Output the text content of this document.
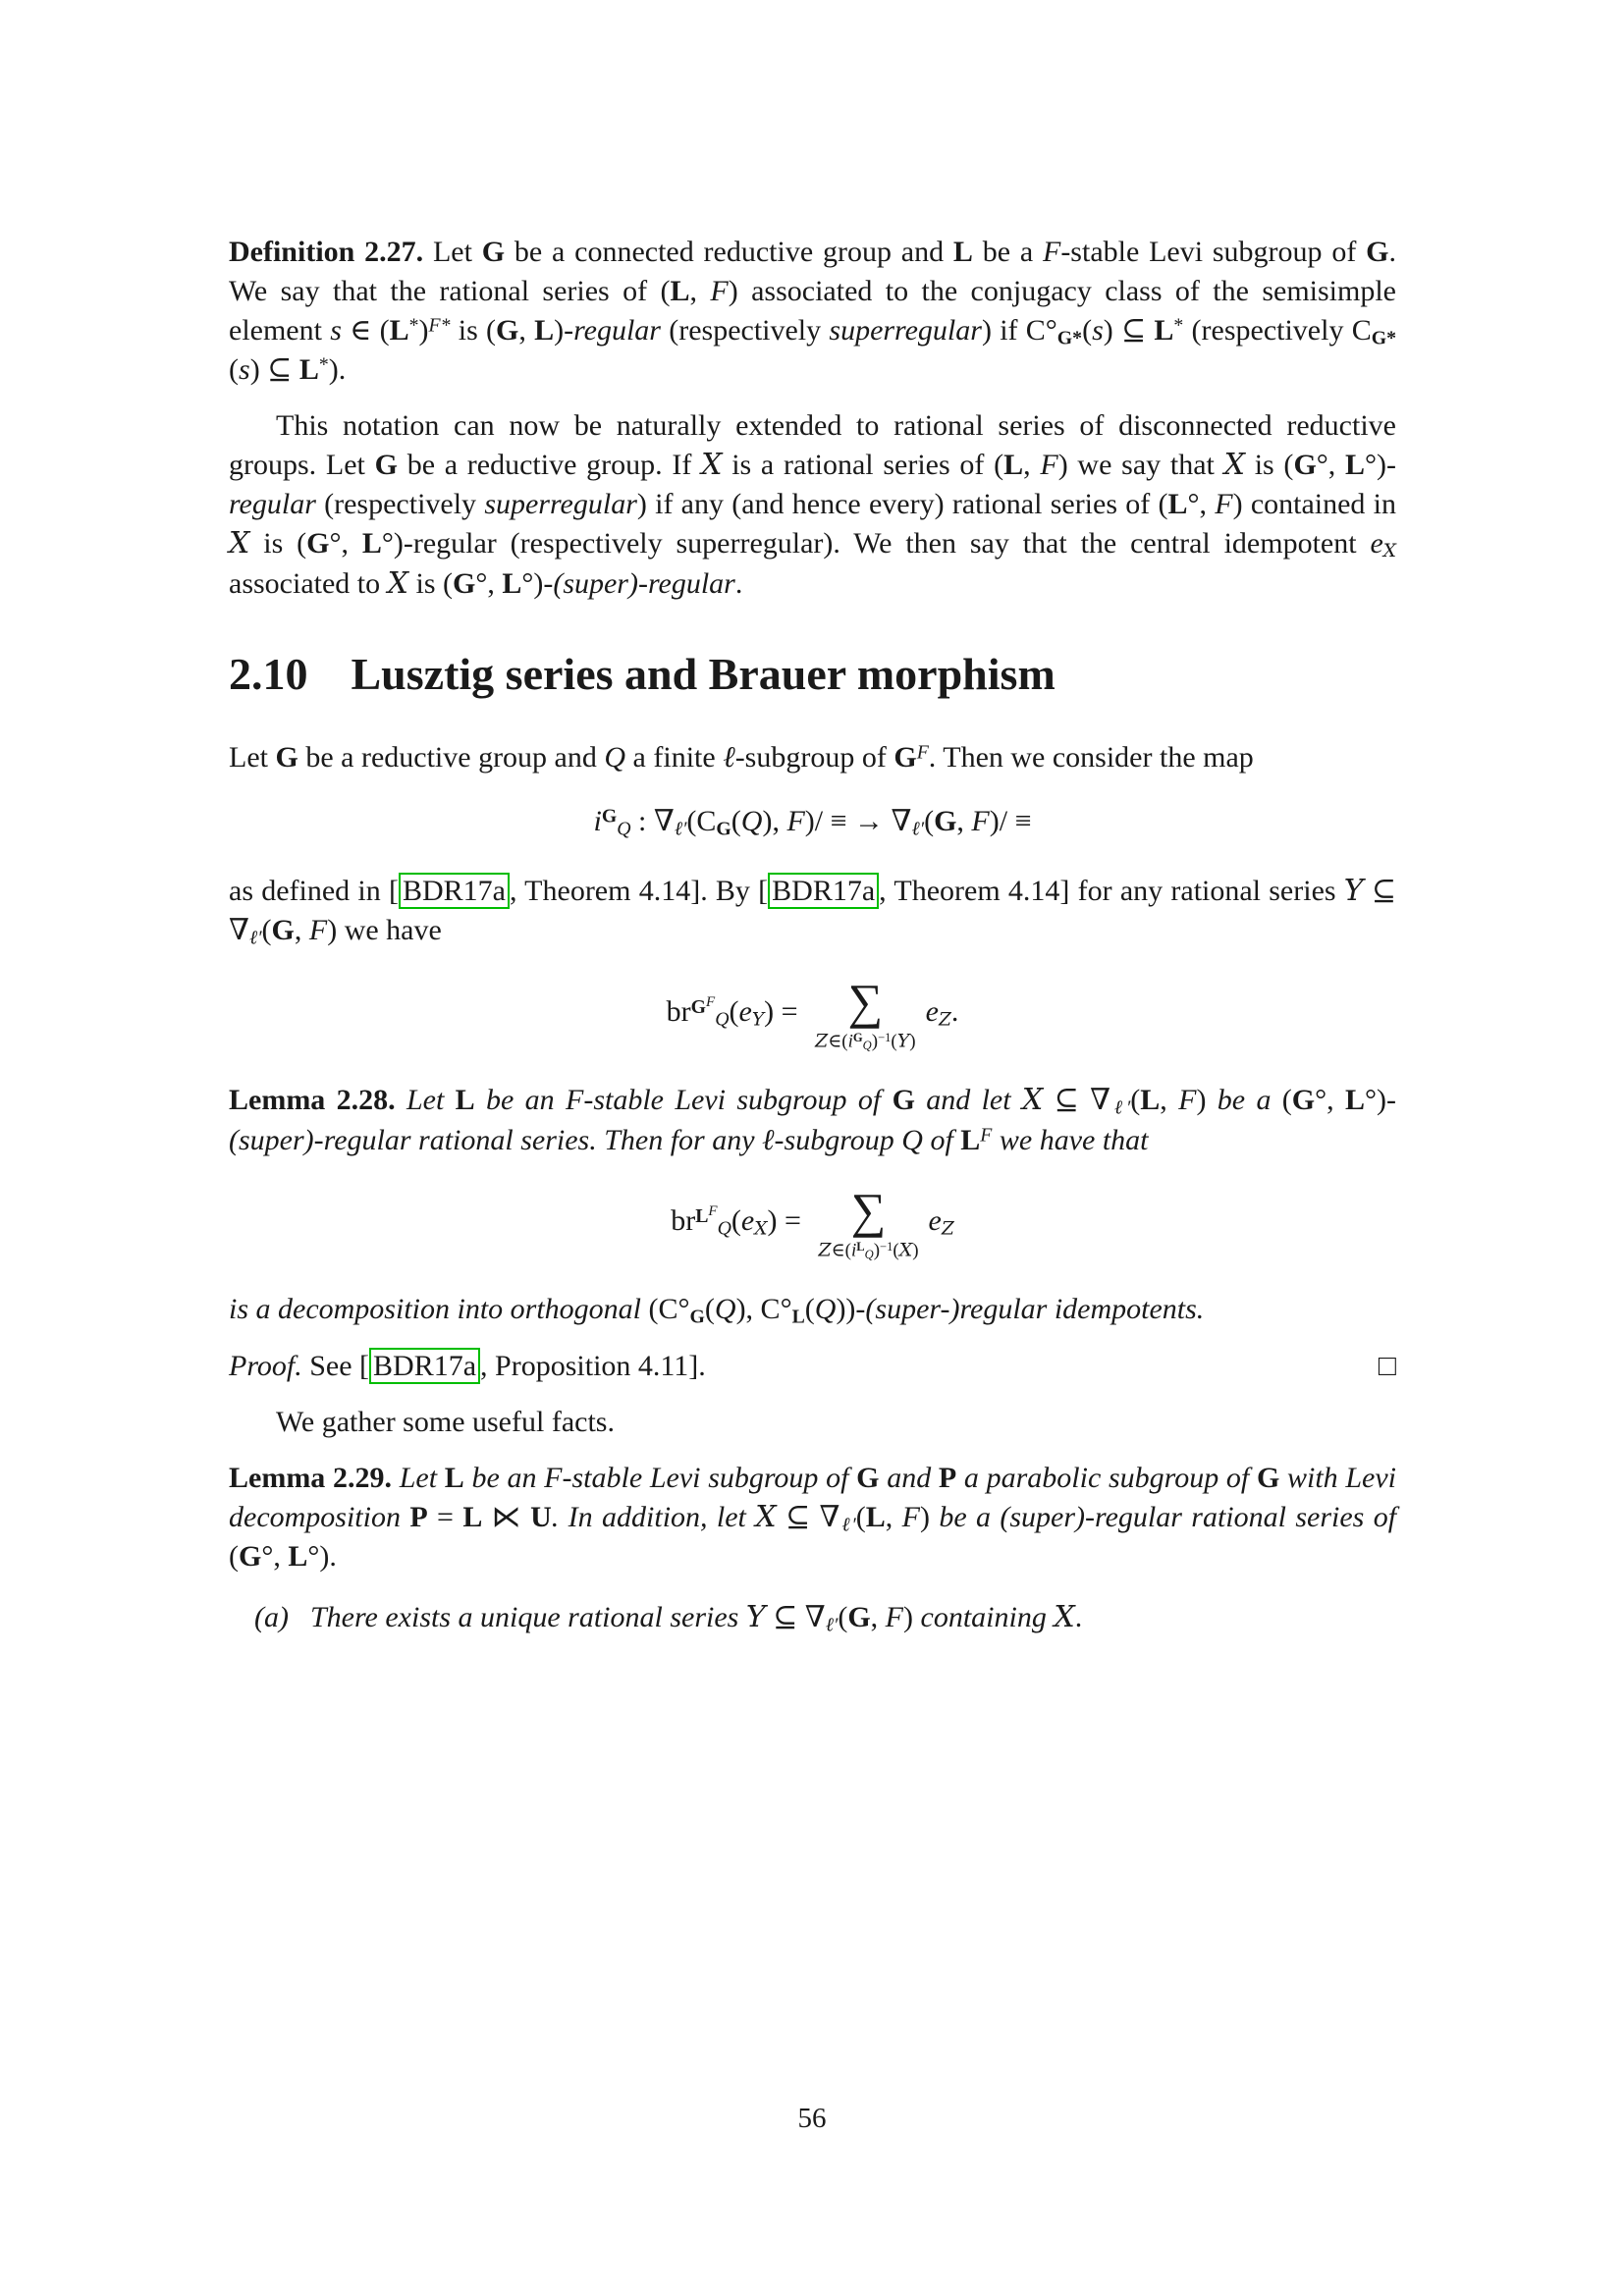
Definition 2.27. Let G be a connected reductive group and L be a F-stable Levi subgroup of G. We say that the rational series of (L, F) associated to the conjugacy class of the semisimple element s ∈ $(L^*)^{F*}$ is (G, L)-regular (respectively superregular) if $C^\circ_{G*}(s)$ ⊆ L* (respectively $C_{G*}(s)$ ⊆ L*).

This notation can now be naturally extended to rational series of disconnected reductive groups. Let G be a reductive group. If X is a rational series of (L, F) we say that X is (G°, L°)-regular (respectively superregular) if any (and hence every) rational series of (L°, F) contained in X is (G°, L°)-regular (respectively superregular). We then say that the central idempotent $e_X$ associated to X is (G°, L°)-(super)-regular.

2.10 Lusztig series and Brauer morphism

Let G be a reductive group and Q a finite ℓ-subgroup of $G^F$. Then we consider the map

$i^G_Q$ : $\nabla_{\ell'}(C_G(Q)$, F)/ ≡ → $\nabla_{\ell'}(G$, F)/ ≡

as defined in [ BDR17a , Theorem 4.14]. By [ BDR17a , Theorem 4.14] for any rational series Y ⊆ $\nabla_{\ell'}(G$, F) we have

$br^{GF}_Q(e_Y)$ = ∑
$Z\in(i^G_Q)^{-1}(Y)$
$e_Z$.

Lemma 2.28. Let L be an F-stable Levi subgroup of G and let X ⊆ $\nabla_{\ell'}(L$, F) be a (G°, L°)-(super)-regular rational series. Then for any ℓ-subgroup Q of $L^F$ we have that

$br^{LF}_Q(e_X)$ = ∑
$Z\in(i^L_Q)^{-1}(X)$
$e_Z$

is a decomposition into orthogonal ($C^\circ_G(Q)$, $C^\circ_L(Q))-(super-)regular$ idempotents.

Proof. See [ BDR17a , Proposition 4.11].	□

We gather some useful facts.

Lemma 2.29. Let L be an F-stable Levi subgroup of G and P a parabolic subgroup of G with Levi decomposition P = L ⋉ U. In addition, let X ⊆ $\nabla_{\ell'}(L$, F) be a (super)-regular rational series of (G°, L°).

(a) There exists a unique rational series Y ⊆ $\nabla_{\ell'}(G$, F) containing X.
56
